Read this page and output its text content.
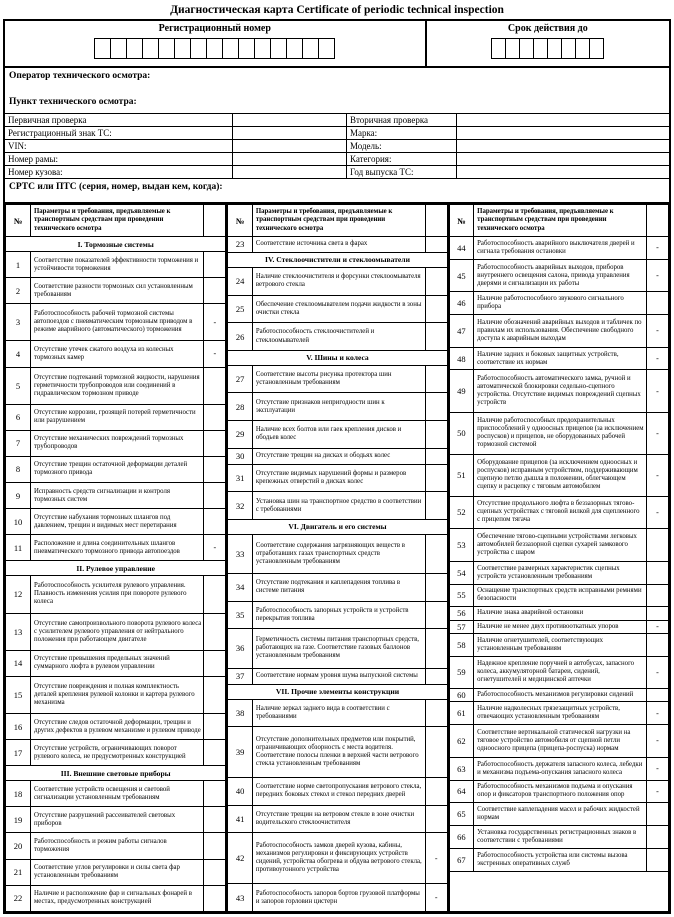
Диагностическая карта Certificate of periodic technical inspection
Регистрационный номер	Срок действия до
Оператор технического осмотра:
Пункт технического осмотра:
Первичная проверка	Вторичная проверка
Регистрационный знак ТС:	Марка:
VIN:	Модель:
Номер рамы:	Категория:
Номер кузова:	Год выпуска ТС:
СРТС или ПТС (серия, номер, выдан кем, когда):
№	Параметры и требования, предъявляемые к транспортным средствам при проведении технического осмотра	
I. Тормозные системы		
1	Соответствие показателей эффективности торможения и устойчивости торможения	
2	Соответствие разности тормозных сил установленным требованиям	
3	Работоспособность рабочей тормозной системы автопоездов с пневматическим тормозным приводом в режиме аварийного (автоматического) торможения	-
4	Отсутствие утечек сжатого воздуха из колесных тормозных камер	-
5	Отсутствие подтеканий тормозной жидкости, нарушения герметичности трубопроводов или соединений в гидравлическом тормозном приводе	
6	Отсутствие коррозии, грозящей потерей герметичности или разрушением	
7	Отсутствие механических повреждений тормозных трубопроводов	
8	Отсутствие трещин остаточной деформации деталей тормозного привода	
9	Исправность средств сигнализации и контроля тормозных систем	
10	Отсутствие набухания тормозных шлангов под давлением, трещин и видимых мест перетирания	
11	Расположение и длина соединительных шлангов пневматического тормозного привода автопоездов	-
II. Рулевое управление		
12	Работоспособность усилителя рулевого управления. Плавность изменения усилия при повороте рулевого колеса	
13	Отсутствие самопроизвольного поворота рулевого колеса с усилителем рулевого управления от нейтрального положения при работающем двигателе	
14	Отсутствие превышения предельных значений суммарного люфта в рулевом управлении	
15	Отсутствие повреждения и полная комплектность деталей крепления рулевой колонки и картера рулевого механизма	
16	Отсутствие следов остаточной деформации, трещин и других дефектов в рулевом механизме и рулевом приводе	
17	Отсутствие устройств, ограничивающих поворот рулевого колеса, не предусмотренных конструкцией	
III. Внешние световые приборы		
18	Соответствие устройств освещения и световой сигнализации установленным требованиям	
19	Отсутствие разрушений рассеивателей световых приборов	
20	Работоспособность и режим работы сигналов торможения	
21	Соответствие углов регулировки и силы света фар установленным требованиям	
22	Наличие и расположение фар и сигнальных фонарей в местах, предусмотренных конструкцией	
№	Параметры и требования, предъявляемые к транспортным средствам при проведении технического осмотра	
23	Соответствие источника света в фарах	
IV. Стеклоочистители и стеклоомыватели		
24	Наличие стеклоочистителя и форсунки стеклоомывателя ветрового стекла	
25	Обеспечение стеклоомывателем подачи жидкости в зоны очистки стекла	
26	Работоспособность стеклоочистителей и стеклоомывателей	
V. Шины и колеса		
27	Соответствие высоты рисунка протектора шин установленным требованиям	
28	Отсутствие признаков непригодности шин к эксплуатации	
29	Наличие всех болтов или гаек крепления дисков и ободьев колес	
30	Отсутствие трещин на дисках и ободьях колес	
31	Отсутствие видимых нарушений формы и размеров крепежных отверстий в дисках колес	
32	Установка шин на транспортное средство в соответствии с требованиями	
VI. Двигатель и его системы		
33	Соответствие содержания загрязняющих веществ в отработавших газах транспортных средств установленным требованиям	
34	Отсутствие подтекания и каплепадения топлива в системе питания	
35	Работоспособность запорных устройств и устройств перекрытия топлива	
36	Герметичность системы питания транспортных средств, работающих на газе. Соответствие газовых баллонов установленным требованиям	
37	Соответствие нормам уровня шума выпускной системы	
VII. Прочие элементы конструкции		
38	Наличие зеркал заднего вида в соответствии с требованиями	
39	Отсутствие дополнительных предметов или покрытий, ограничивающих обзорность с места водителя. Соответствие полосы пленки в верхней части ветрового стекла установленным требованиям	
40	Соответствие норме светопропускания ветрового стекла, передних боковых стекол и стекол передних дверей	
41	Отсутствие трещин на ветровом стекле в зоне очистки водительского стеклоочистителя	
42	Работоспособность замков дверей кузова, кабины, механизмов регулировки и фиксирующих устройств сидений, устройства обогрева и обдува ветрового стекла, противоугонного устройства	-
43	Работоспособность запоров бортов грузовой платформы и запоров горловин цистерн	-
№	Параметры и требования, предъявляемые к транспортным средствам при проведении технического осмотра	
44	Работоспособность аварийного выключателя дверей и сигнала требования остановки	-
45	Работоспособность аварийных выходов, приборов внутреннего освещения салона, привода управления дверями и сигнализации их работы	-
46	Наличие работоспособного звукового сигнального прибора	
47	Наличие обозначений аварийных выходов и табличек по правилам их использования. Обеспечение свободного доступа к аварийным выходам	-
48	Наличие задних и боковых защитных устройств, соответствие их нормам	-
49	Работоспособность автоматического замка, ручной и автоматической блокировки седельно-сцепного устройства. Отсутствие видимых повреждений сцепных устройств	-
50	Наличие работоспособных предохранительных приспособлений у одноосных прицепов (за исключением роспусков) и прицепов, не оборудованных рабочей тормозной системой	-
51	Оборудование прицепов (за исключением одноосных и роспусков) исправным устройством, поддерживающим сцепную петлю дышла в положении, облегчающем сцепку и расцепку с тяговым автомобилем	-
52	Отсутствие продольного люфта в беззазорных тягово-сцепных устройствах с тяговой вилкой для сцепленного с прицепом тягача	-
53	Обеспечение тягово-сцепными устройствами легковых автомобилей беззазорной сцепки сухарей замкового устройства с шаром	
54	Соответствие размерных характеристик сцепных устройств установленным требованиям	
55	Оснащение транспортных средств исправными ремнями безопасности	
56	Наличие знака аварийной остановки	
57	Наличие не менее двух противооткатных упоров	-
58	Наличие огнетушителей, соответствующих установленным требованиям	
59	Надежное крепление поручней в автобусах, запасного колеса, аккумуляторной батареи, сидений, огнетушителей и медицинской аптечки	-
60	Работоспособность механизмов регулировки сидений	
61	Наличие надколесных грязезащитных устройств, отвечающих установленным требованиям	-
62	Соответствие вертикальной статической нагрузки на тяговое устройство автомобиля от сцепной петли одноосного прицепа (прицепа-роспуска) нормам	-
63	Работоспособность держателя запасного колеса, лебедки и механизма подъема-опускания запасного колеса	-
64	Работоспособность механизмов подъема и опускания опор и фиксаторов транспортного положения опор	-
65	Соответствие каплепадения масел и рабочих жидкостей нормам	
66	Установка государственных регистрационных знаков в соответствии с требованиями	
67	Работоспособность устройства или системы вызова экстренных оперативных служб	
